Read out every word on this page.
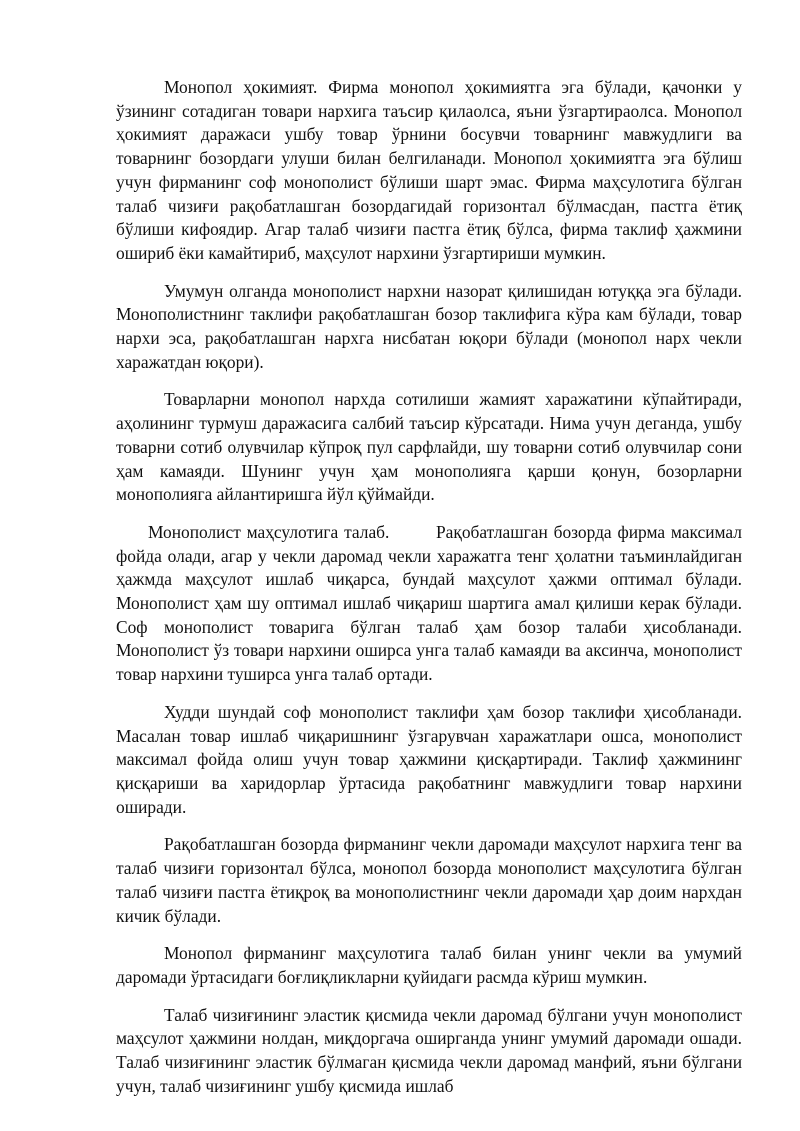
Монопол ҳокимият. Фирма монопол ҳокимиятга эга бўлади, қачонки у ўзининг сотадиган товари нархига таъсир қилаолса, яъни ўзгартираолса. Монопол ҳокимият даражаси ушбу товар ўрнини босувчи товарнинг мавжудлиги ва товарнинг бозордаги улуши билан белгиланади. Монопол ҳокимиятга эга бўлиш учун фирманинг соф монополист бўлиши шарт эмас. Фирма маҳсулотига бўлган талаб чизиғи рақобатлашган бозордагидай горизонтал бўлмасдан, пастга ётиқ бўлиши кифоядир. Агар талаб чизиғи пастга ётиқ бўлса, фирма таклиф ҳажмини ошириб ёки камайтириб, маҳсулот нархини ўзгартириши мумкин.

Умумун олганда монополист нархни назорат қилишидан ютуққа эга бўлади. Монополистнинг таклифи рақобатлашган бозор таклифига кўра кам бўлади, товар нархи эса, рақобатлашган нархга нисбатан юқори бўлади (монопол нарх чекли харажатдан юқори).

Товарларни монопол нархда сотилиши жамият харажатини кўпайтиради, аҳолининг турмуш даражасига салбий таъсир кўрсатади. Нима учун деганда, ушбу товарни сотиб олувчилар кўпроқ пул сарфлайди, шу товарни сотиб олувчилар сони ҳам камаяди. Шунинг учун ҳам монополияга қарши қонун, бозорларни монополияга айлантиришга йўл қўймайди.

Монополист маҳсулотига талаб.        Рақобатлашган бозорда фирма максимал фойда олади, агар у чекли даромад чекли харажатга тенг ҳолатни таъминлайдиган ҳажмда маҳсулот ишлаб чиқарса, бундай маҳсулот ҳажми оптимал бўлади. Монополист ҳам шу оптимал ишлаб чиқариш шартига амал қилиши керак бўлади. Соф монополист товарига бўлган талаб ҳам бозор талаби ҳисобланади. Монополист ўз товари нархини оширса унга талаб камаяди ва аксинча, монополист товар нархини туширса унга талаб ортади.

Худди шундай соф монополист таклифи ҳам бозор таклифи ҳисобланади. Масалан товар ишлаб чиқаришнинг ўзгарувчан харажатлари ошса, монополист максимал фойда олиш учун товар ҳажмини қисқартиради. Таклиф ҳажмининг қисқариши ва харидорлар ўртасида рақобатнинг мавжудлиги товар нархини оширади.

Рақобатлашган бозорда фирманинг чекли даромади маҳсулот нархига тенг ва талаб чизиғи горизонтал бўлса, монопол бозорда монополист маҳсулотига бўлган талаб чизиғи пастга ётиқроқ ва монополистнинг чекли даромади ҳар доим нархдан кичик бўлади.

Монопол фирманинг маҳсулотига талаб билан унинг чекли ва умумий даромади ўртасидаги боғлиқликларни қуйидаги расмда кўриш мумкин.

Талаб чизиғининг эластик қисмида чекли даромад бўлгани учун монополист маҳсулот ҳажмини нолдан, миқдоргача оширганда унинг умумий даромади ошади. Талаб чизиғининг эластик бўлмаган қисмида чекли даромад манфий, яъни бўлгани учун, талаб чизиғининг ушбу қисмида ишлаб
